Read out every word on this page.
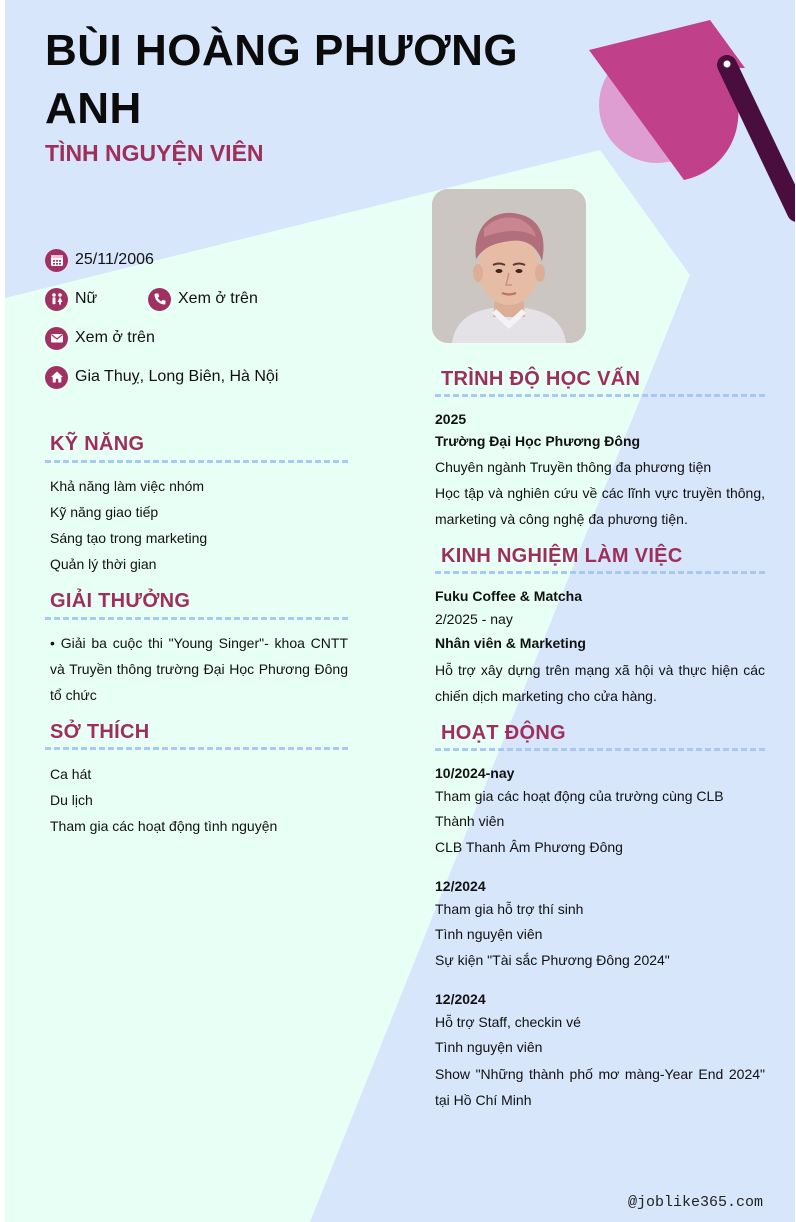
BÙI HOÀNG PHƯƠNG ANH
TÌNH NGUYỆN VIÊN
25/11/2006
Nữ	Xem ở trên
Xem ở trên
Gia Thuỵ, Long Biên, Hà Nội
KỸ NĂNG
Khả năng làm việc nhóm
Kỹ năng giao tiếp
Sáng tạo trong marketing
Quản lý thời gian
GIẢI THƯỞNG
• Giải ba cuộc thi "Young Singer"- khoa CNTT và Truyền thông trường Đại Học Phương Đông tổ chức
SỞ THÍCH
Ca hát
Du lịch
Tham gia các hoạt động tình nguyện
TRÌNH ĐỘ HỌC VẤN
2025
Trường Đại Học Phương Đông
Chuyên ngành Truyền thông đa phương tiện
Học tập và nghiên cứu về các lĩnh vực truyền thông, marketing và công nghệ đa phương tiện.
KINH NGHIỆM LÀM VIỆC
Fuku Coffee & Matcha
2/2025 - nay
Nhân viên & Marketing
Hỗ trợ xây dựng trên mạng xã hội và thực hiện các chiến dịch marketing cho cửa hàng.
HOẠT ĐỘNG
10/2024-nay
Tham gia các hoạt động của trường cùng CLB
Thành viên
CLB Thanh Âm Phương Đông
12/2024
Tham gia hỗ trợ thí sinh
Tình nguyện viên
Sự kiện "Tài sắc Phương Đông 2024"
12/2024
Hỗ trợ Staff, checkin vé
Tình nguyện viên
Show "Những thành phố mơ màng-Year End 2024" tại Hồ Chí Minh
@joblike365.com
